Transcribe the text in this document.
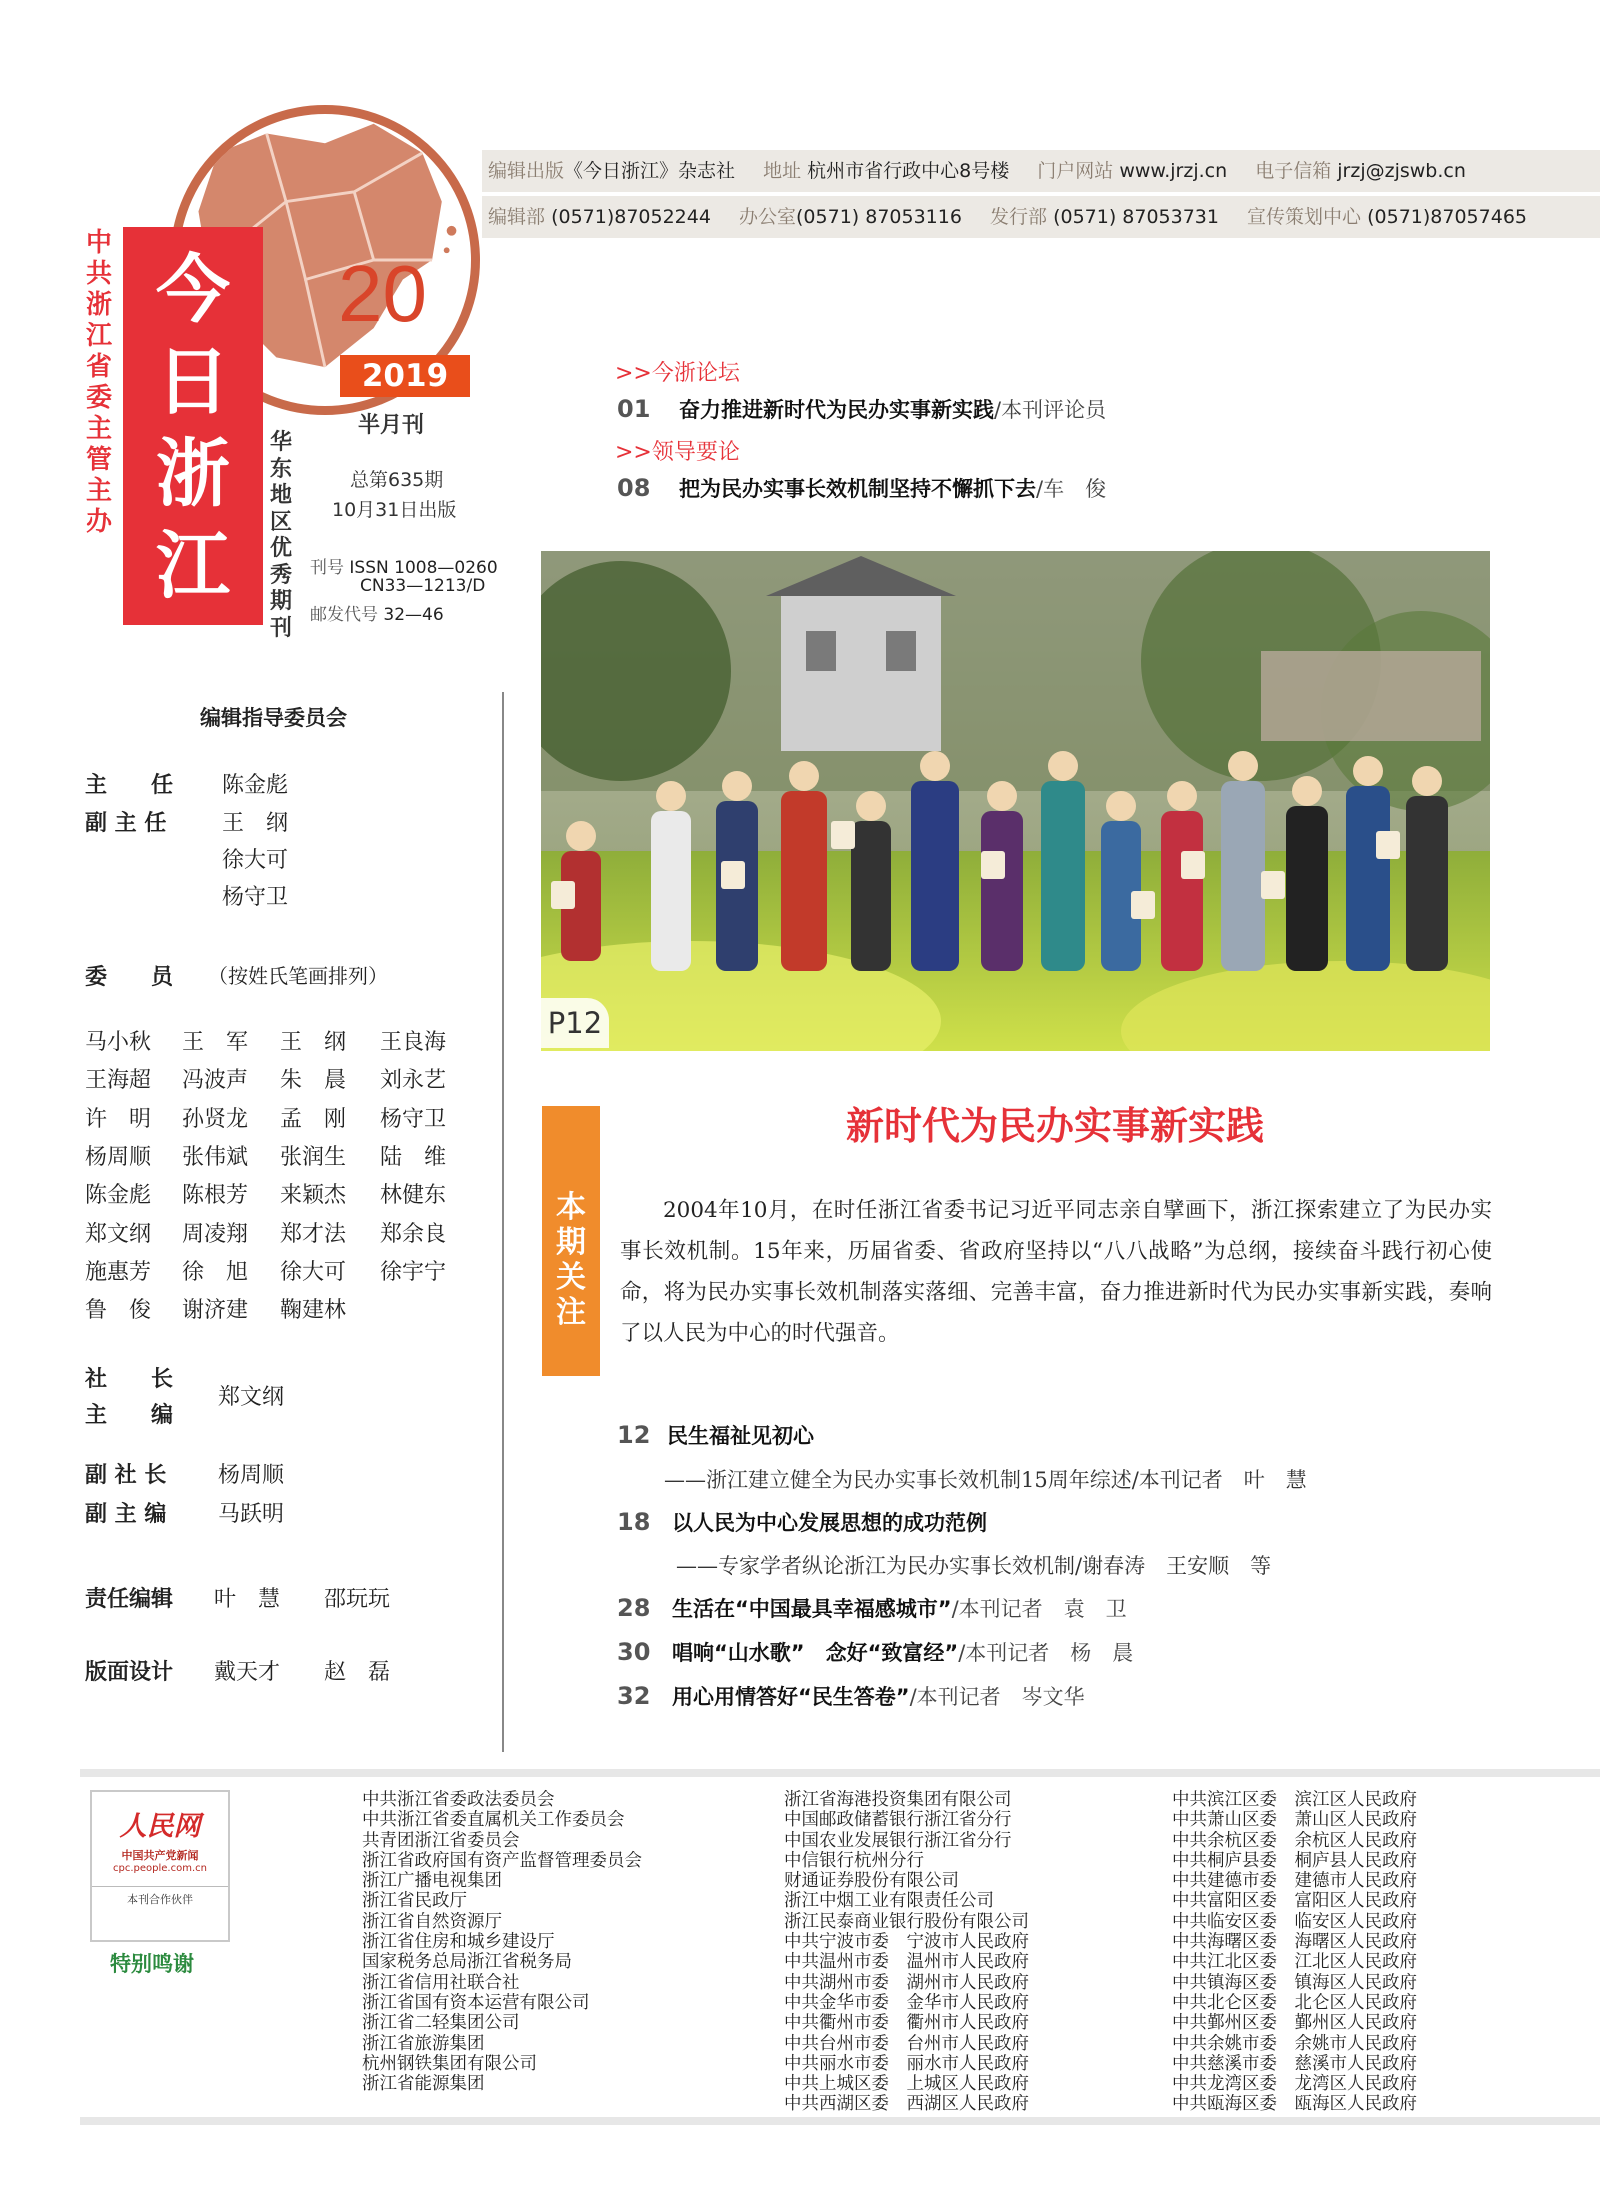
中共浙江省委主管主办
今
日
浙
江
20
2019
半月刊
华东地区优秀期刊
总第635期
10月31日出版
刊号 ISSN 1008—0260
CN33—1213/D
邮发代号 32—46
编辑出版《今日浙江》杂志社 地址 杭州市省行政中心8号楼 门户网站 www.jrzj.cn 电子信箱 jrzj@zjswb.cn
编辑部 (0571)87052244 办公室(0571) 87053116 发行部 (0571) 87053731 宣传策划中心 (0571)87057465
>>今浙论坛
01 奋力推进新时代为民办实事新实践/本刊评论员
>>领导要论
08 把为民办实事长效机制坚持不懈抓下去/车　俊
P12
本期关注
新时代为民办实事新实践
2004年10月，在时任浙江省委书记习近平同志亲自擘画下，浙江探索建立了为民办实事长效机制。15年来，历届省委、省政府坚持以“八八战略”为总纲，接续奋斗践行初心使命，将为民办实事长效机制落实落细、完善丰富，奋力推进新时代为民办实事新实践，奏响了以人民为中心的时代强音。
12 民生福祉见初心
——浙江建立健全为民办实事长效机制15周年综述/本刊记者　叶　慧
18 以人民为中心发展思想的成功范例
——专家学者纵论浙江为民办实事长效机制/谢春涛　王安顺　等
28 生活在“中国最具幸福感城市”/本刊记者　袁　卫
30 唱响“山水歌”　念好“致富经”/本刊记者　杨　晨
32 用心用情答好“民生答卷”/本刊记者　岑文华
编辑指导委员会
主　　任 陈金彪
副 主 任	王　纲
徐大可
杨守卫
委　　员 （按姓氏笔画排列）
马小秋 王　军 王　纲 王良海
王海超 冯波声 朱　晨 刘永艺
许　明 孙贤龙 孟　刚 杨守卫
杨周顺 张伟斌 张润生 陆　维
陈金彪 陈根芳 来颖杰 林健东
郑文纲 周凌翔 郑才法 郑余良
施惠芳 徐　旭 徐大可 徐宇宁
鲁　俊 谢济建 鞠建林
社　　长
主　　编
郑文纲
副 社 长 杨周顺
副 主 编 马跃明
责任编辑 叶　慧　　邵玩玩
版面设计 戴天才　　赵　磊
人民网
中国共产党新闻
cpc.people.com.cn
本刊合作伙伴
特别鸣谢
中共浙江省委政法委员会
中共浙江省委直属机关工作委员会
共青团浙江省委员会
浙江省政府国有资产监督管理委员会
浙江广播电视集团
浙江省民政厅
浙江省自然资源厅
浙江省住房和城乡建设厅
国家税务总局浙江省税务局
浙江省信用社联合社
浙江省国有资本运营有限公司
浙江省二轻集团公司
浙江省旅游集团
杭州钢铁集团有限公司
浙江省能源集团
浙江省海港投资集团有限公司
中国邮政储蓄银行浙江省分行
中国农业发展银行浙江省分行
中信银行杭州分行
财通证券股份有限公司
浙江中烟工业有限责任公司
浙江民泰商业银行股份有限公司
中共宁波市委　宁波市人民政府
中共温州市委　温州市人民政府
中共湖州市委　湖州市人民政府
中共金华市委　金华市人民政府
中共衢州市委　衢州市人民政府
中共台州市委　台州市人民政府
中共丽水市委　丽水市人民政府
中共上城区委　上城区人民政府
中共西湖区委　西湖区人民政府
中共滨江区委　滨江区人民政府
中共萧山区委　萧山区人民政府
中共余杭区委　余杭区人民政府
中共桐庐县委　桐庐县人民政府
中共建德市委　建德市人民政府
中共富阳区委　富阳区人民政府
中共临安区委　临安区人民政府
中共海曙区委　海曙区人民政府
中共江北区委　江北区人民政府
中共镇海区委　镇海区人民政府
中共北仑区委　北仑区人民政府
中共鄞州区委　鄞州区人民政府
中共余姚市委　余姚市人民政府
中共慈溪市委　慈溪市人民政府
中共龙湾区委　龙湾区人民政府
中共瓯海区委　瓯海区人民政府
